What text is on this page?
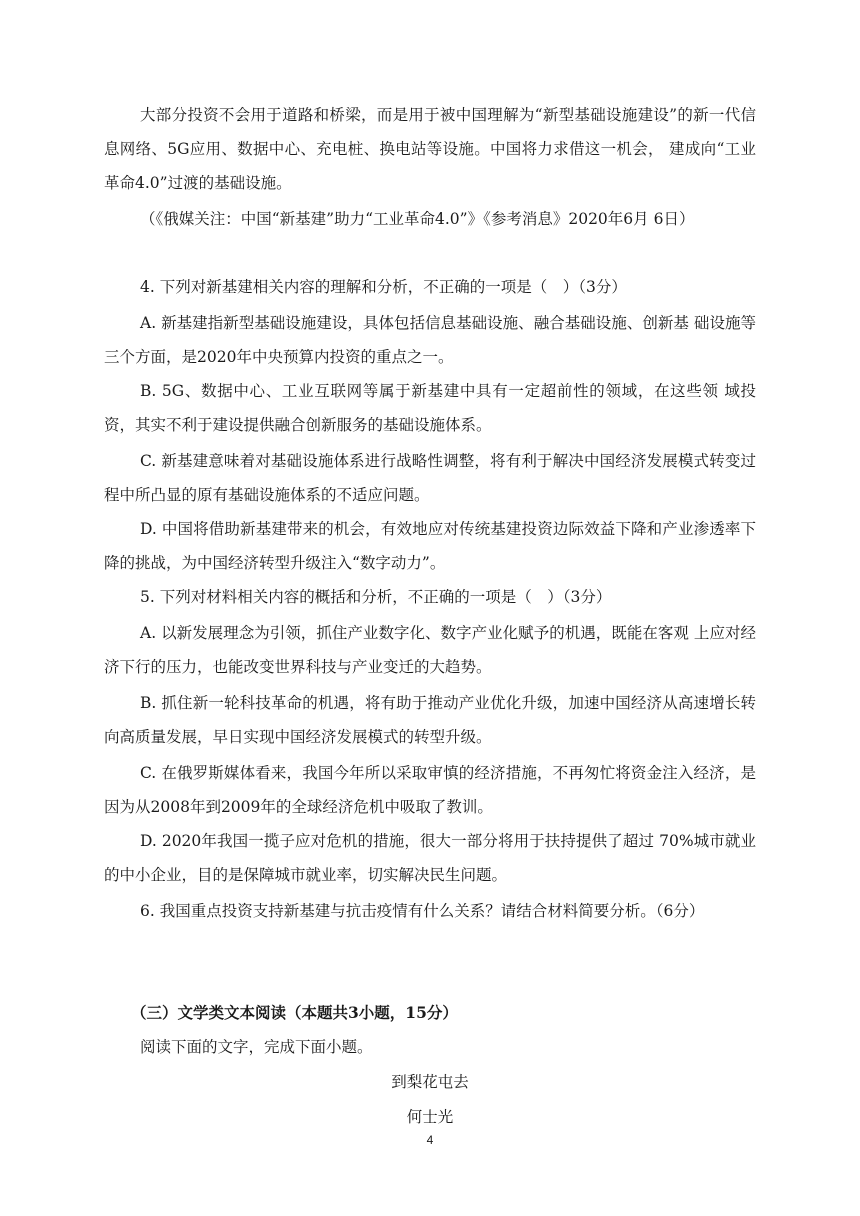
大部分投资不会用于道路和桥梁，而是用于被中国理解为“新型基础设施建设”的新一代信息网络、5G应用、数据中心、充电桩、换电站等设施。中国将力求借这一机会， 建成向“工业革命4.0”过渡的基础设施。

（《俄媒关注：中国“新基建”助力“工业革命4.0”》《参考消息》2020年6月 6日）

4. 下列对新基建相关内容的理解和分析，不正确的一项是（　）（3分）

A. 新基建指新型基础设施建设，具体包括信息基础设施、融合基础设施、创新基 础设施等三个方面，是2020年中央预算内投资的重点之一。

B. 5G、数据中心、工业互联网等属于新基建中具有一定超前性的领域，在这些领 域投资，其实不利于建设提供融合创新服务的基础设施体系。

C. 新基建意味着对基础设施体系进行战略性调整，将有利于解决中国经济发展模式转变过程中所凸显的原有基础设施体系的不适应问题。

D. 中国将借助新基建带来的机会，有效地应对传统基建投资边际效益下降和产业渗透率下降的挑战，为中国经济转型升级注入“数字动力”。

5. 下列对材料相关内容的概括和分析，不正确的一项是（　）（3分）

A. 以新发展理念为引领，抓住产业数字化、数字产业化赋予的机遇，既能在客观 上应对经济下行的压力，也能改变世界科技与产业变迁的大趋势。

B. 抓住新一轮科技革命的机遇，将有助于推动产业优化升级，加速中国经济从高速增长转向高质量发展，早日实现中国经济发展模式的转型升级。

C. 在俄罗斯媒体看来，我国今年所以采取审慎的经济措施，不再匆忙将资金注入经济，是因为从2008年到2009年的全球经济危机中吸取了教训。

D. 2020年我国一揽子应对危机的措施，很大一部分将用于扶持提供了超过 70%城市就业的中小企业，目的是保障城市就业率，切实解决民生问题。

6. 我国重点投资支持新基建与抗击疫情有什么关系？请结合材料简要分析。（6分）

（三）文学类文本阅读（本题共3小题，15分）

阅读下面的文字，完成下面小题。

到梨花屯去

何士光

4
